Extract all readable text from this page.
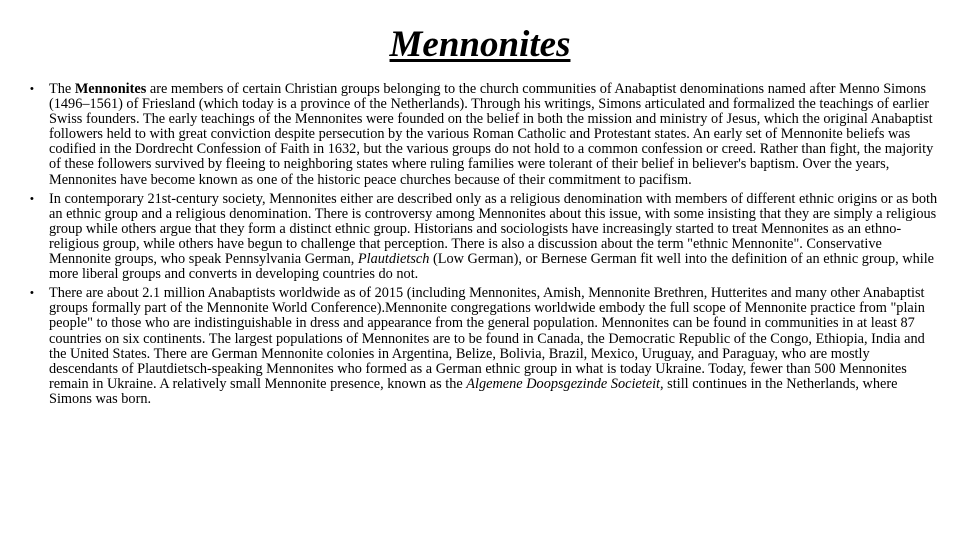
Mennonites
• The Mennonites are members of certain Christian groups belonging to the church communities of Anabaptist denominations named after Menno Simons (1496–1561) of Friesland (which today is a province of the Netherlands). Through his writings, Simons articulated and formalized the teachings of earlier Swiss founders. The early teachings of the Mennonites were founded on the belief in both the mission and ministry of Jesus, which the original Anabaptist followers held to with great conviction despite persecution by the various Roman Catholic and Protestant states. An early set of Mennonite beliefs was codified in the Dordrecht Confession of Faith in 1632, but the various groups do not hold to a common confession or creed. Rather than fight, the majority of these followers survived by fleeing to neighboring states where ruling families were tolerant of their belief in believer's baptism. Over the years, Mennonites have become known as one of the historic peace churches because of their commitment to pacifism.
• In contemporary 21st-century society, Mennonites either are described only as a religious denomination with members of different ethnic origins or as both an ethnic group and a religious denomination. There is controversy among Mennonites about this issue, with some insisting that they are simply a religious group while others argue that they form a distinct ethnic group. Historians and sociologists have increasingly started to treat Mennonites as an ethno-religious group, while others have begun to challenge that perception. There is also a discussion about the term "ethnic Mennonite". Conservative Mennonite groups, who speak Pennsylvania German, Plautdietsch (Low German), or Bernese German fit well into the definition of an ethnic group, while more liberal groups and converts in developing countries do not.
• There are about 2.1 million Anabaptists worldwide as of 2015 (including Mennonites, Amish, Mennonite Brethren, Hutterites and many other Anabaptist groups formally part of the Mennonite World Conference).Mennonite congregations worldwide embody the full scope of Mennonite practice from "plain people" to those who are indistinguishable in dress and appearance from the general population. Mennonites can be found in communities in at least 87 countries on six continents. The largest populations of Mennonites are to be found in Canada, the Democratic Republic of the Congo, Ethiopia, India and the United States. There are German Mennonite colonies in Argentina, Belize, Bolivia, Brazil, Mexico, Uruguay, and Paraguay, who are mostly descendants of Plautdietsch-speaking Mennonites who formed as a German ethnic group in what is today Ukraine. Today, fewer than 500 Mennonites remain in Ukraine. A relatively small Mennonite presence, known as the Algemene Doopsgezinde Societeit, still continues in the Netherlands, where Simons was born.
